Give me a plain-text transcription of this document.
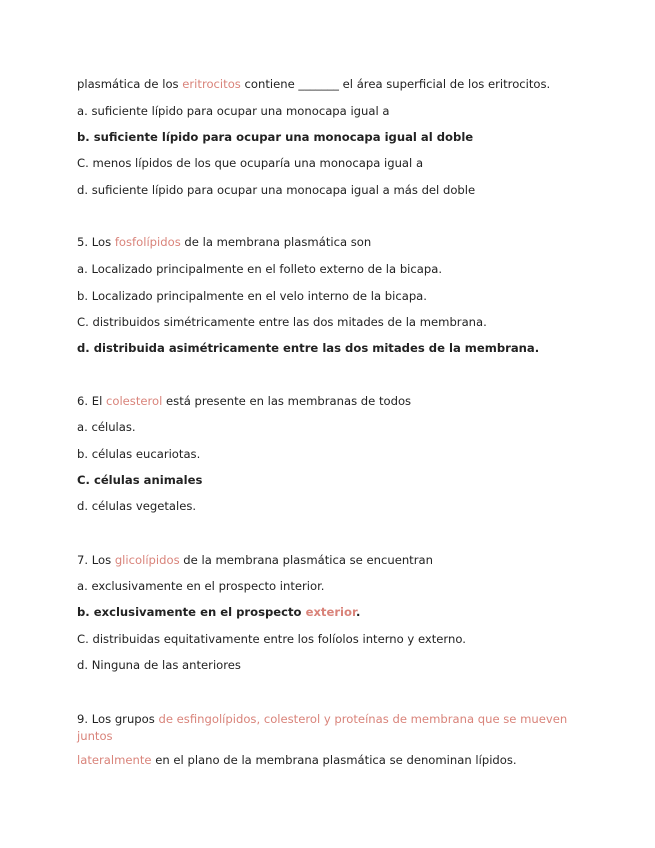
plasmática de los eritrocitos contiene _______ el área superficial de los eritrocitos.
a. suficiente lípido para ocupar una monocapa igual a
b. suficiente lípido para ocupar una monocapa igual al doble
C. menos lípidos de los que ocuparía una monocapa igual a
d. suficiente lípido para ocupar una monocapa igual a más del doble
5. Los fosfolípidos de la membrana plasmática son
a. Localizado principalmente en el folleto externo de la bicapa.
b. Localizado principalmente en el velo interno de la bicapa.
C. distribuidos simétricamente entre las dos mitades de la membrana.
d. distribuida asimétricamente entre las dos mitades de la membrana.
6. El colesterol está presente en las membranas de todos
a. células.
b. células eucariotas.
C. células animales
d. células vegetales.
7. Los glicolípidos de la membrana plasmática se encuentran
a. exclusivamente en el prospecto interior.
b. exclusivamente en el prospecto exterior.
C. distribuidas equitativamente entre los folíolos interno y externo.
d. Ninguna de las anteriores
9. Los grupos de esfingolípidos, colesterol y proteínas de membrana que se mueven juntos
lateralmente en el plano de la membrana plasmática se denominan lípidos.
